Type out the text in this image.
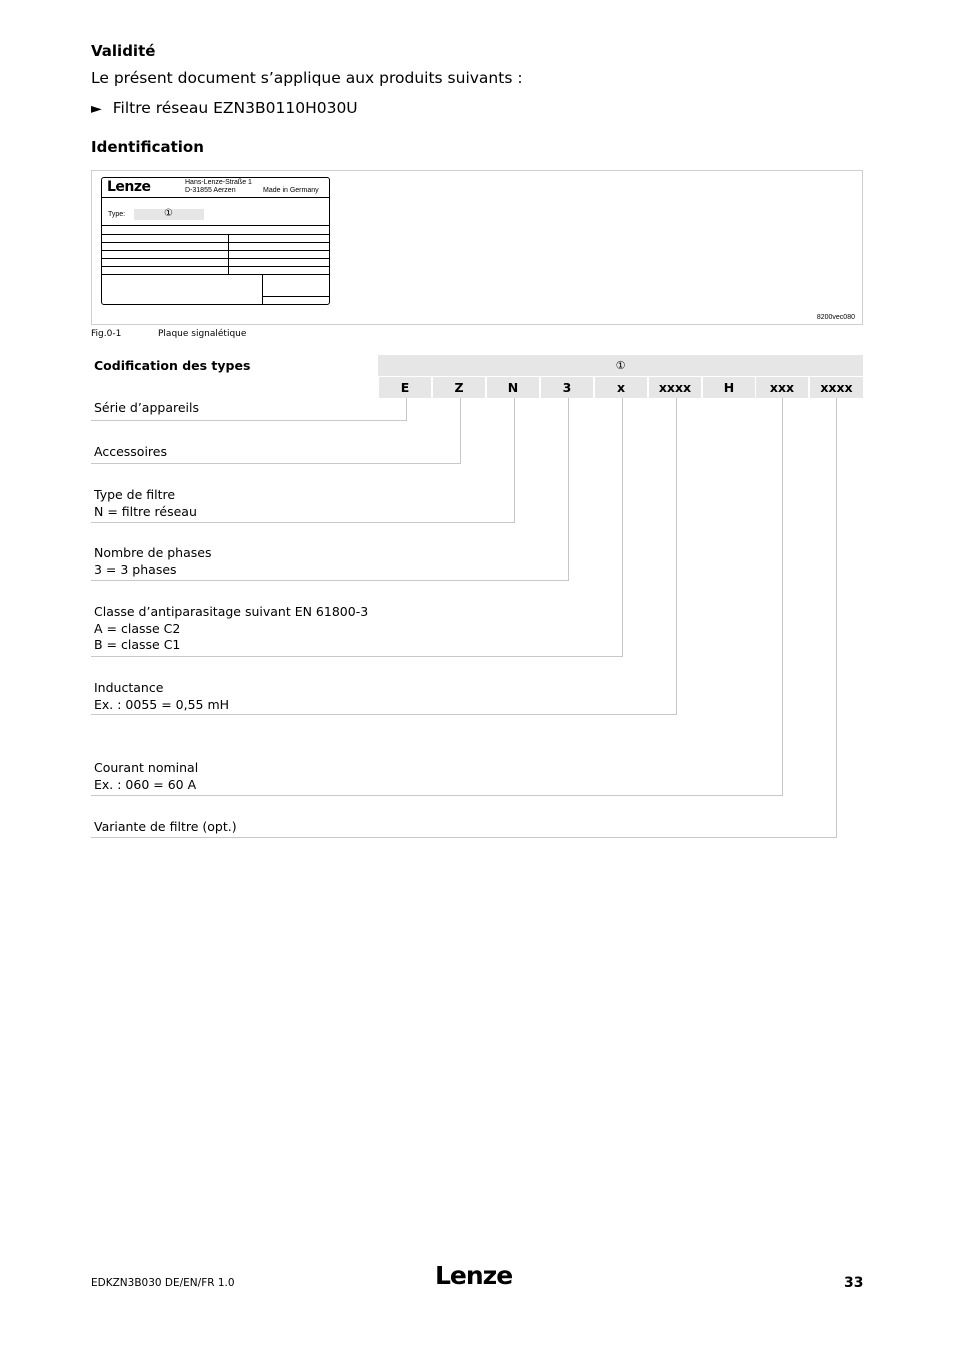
Validité
Le présent document s’applique aux produits suivants :
► Filtre réseau EZN3B0110H030U
Identification
8200vec080
Lenze	Hans-Lenze-Straße 1
D-31855 Aerzen	Made in Germany
Type:	①
Fig.0-1	Plaque signalétique
Codification des types	①
E	Z	N	3	x	xxxx	H	xxx	xxxx
Série d’appareils
Accessoires
Type de filtre
N = filtre réseau
Nombre de phases
3 = 3 phases
Classe d’antiparasitage suivant EN 61800-3
A = classe C2
B = classe C1
Inductance
Ex. : 0055 = 0,55 mH
Courant nominal
Ex. : 060 = 60 A
Variante de filtre (opt.)
EDKZN3B030 DE/EN/FR 1.0	Lenze	33
